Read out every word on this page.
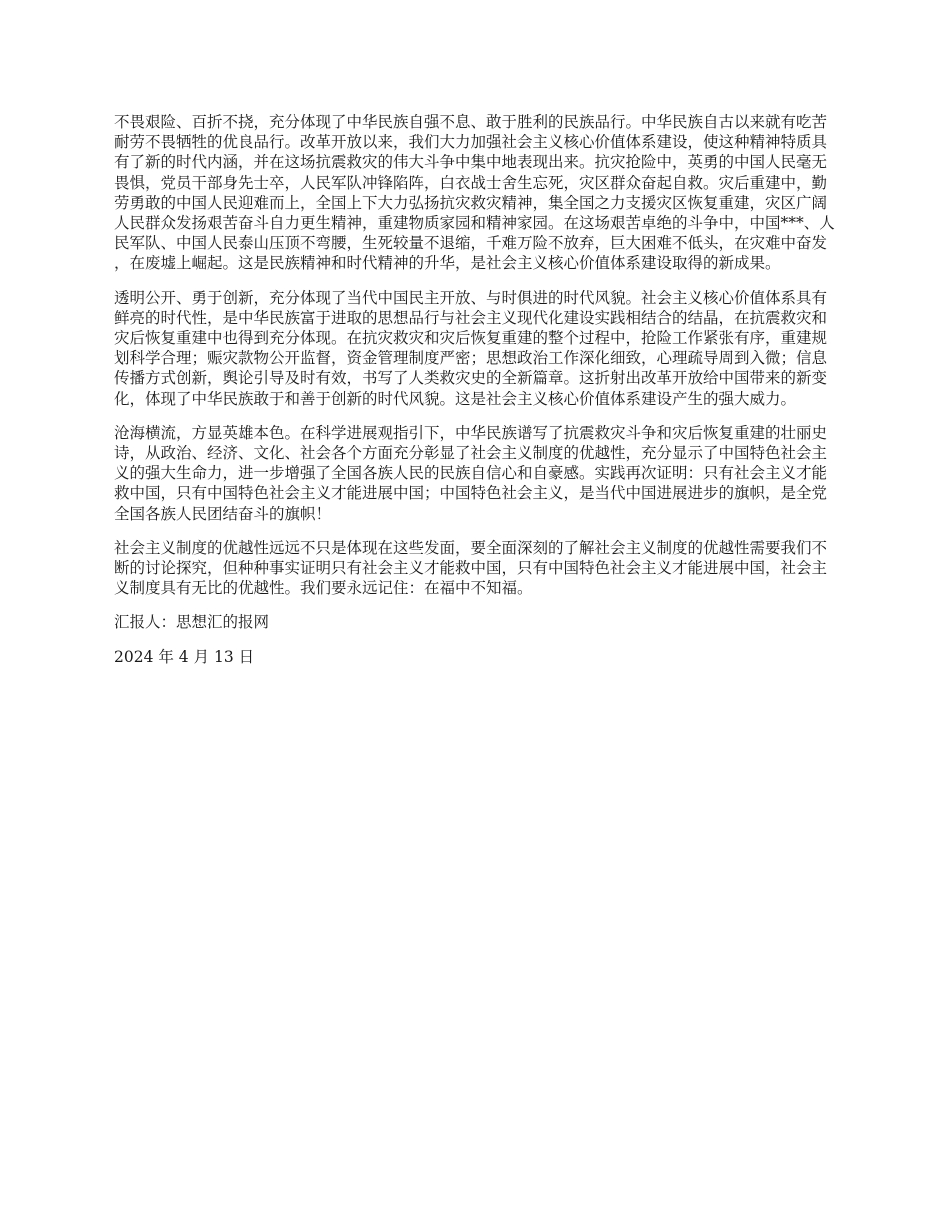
不畏艰险、百折不挠，充分体现了中华民族自强不息、敢于胜利的民族品行。中华民族自古以来就有吃苦耐劳不畏牺牲的优良品行。改革开放以来，我们大力加强社会主义核心价值体系建设，使这种精神特质具有了新的时代内涵，并在这场抗震救灾的伟大斗争中集中地表现出来。抗灾抢险中，英勇的中国人民毫无畏惧，党员干部身先士卒，人民军队冲锋陷阵，白衣战士舍生忘死，灾区群众奋起自救。灾后重建中，勤劳勇敢的中国人民迎难而上，全国上下大力弘扬抗灾救灾精神，集全国之力支援灾区恢复重建，灾区广阔人民群众发扬艰苦奋斗自力更生精神，重建物质家园和精神家园。在这场艰苦卓绝的斗争中，中国***、人民军队、中国人民泰山压顶不弯腰，生死较量不退缩，千难万险不放弃，巨大困难不低头，在灾难中奋发，在废墟上崛起。这是民族精神和时代精神的升华，是社会主义核心价值体系建设取得的新成果。

透明公开、勇于创新，充分体现了当代中国民主开放、与时俱进的时代风貌。社会主义核心价值体系具有鲜亮的时代性，是中华民族富于进取的思想品行与社会主义现代化建设实践相结合的结晶，在抗震救灾和灾后恢复重建中也得到充分体现。在抗灾救灾和灾后恢复重建的整个过程中，抢险工作紧张有序，重建规划科学合理；赈灾款物公开监督，资金管理制度严密；思想政治工作深化细致，心理疏导周到入微；信息传播方式创新，舆论引导及时有效，书写了人类救灾史的全新篇章。这折射出改革开放给中国带来的新变化，体现了中华民族敢于和善于创新的时代风貌。这是社会主义核心价值体系建设产生的强大威力。

沧海横流，方显英雄本色。在科学进展观指引下，中华民族谱写了抗震救灾斗争和灾后恢复重建的壮丽史诗，从政治、经济、文化、社会各个方面充分彰显了社会主义制度的优越性，充分显示了中国特色社会主义的强大生命力，进一步增强了全国各族人民的民族自信心和自豪感。实践再次证明：只有社会主义才能救中国，只有中国特色社会主义才能进展中国；中国特色社会主义，是当代中国进展进步的旗帜，是全党全国各族人民团结奋斗的旗帜！

社会主义制度的优越性远远不只是体现在这些发面，要全面深刻的了解社会主义制度的优越性需要我们不断的讨论探究，但种种事实证明只有社会主义才能救中国，只有中国特色社会主义才能进展中国，社会主义制度具有无比的优越性。我们要永远记住：在福中不知福。

汇报人：思想汇的报网

2024 年 4 月 13 日
